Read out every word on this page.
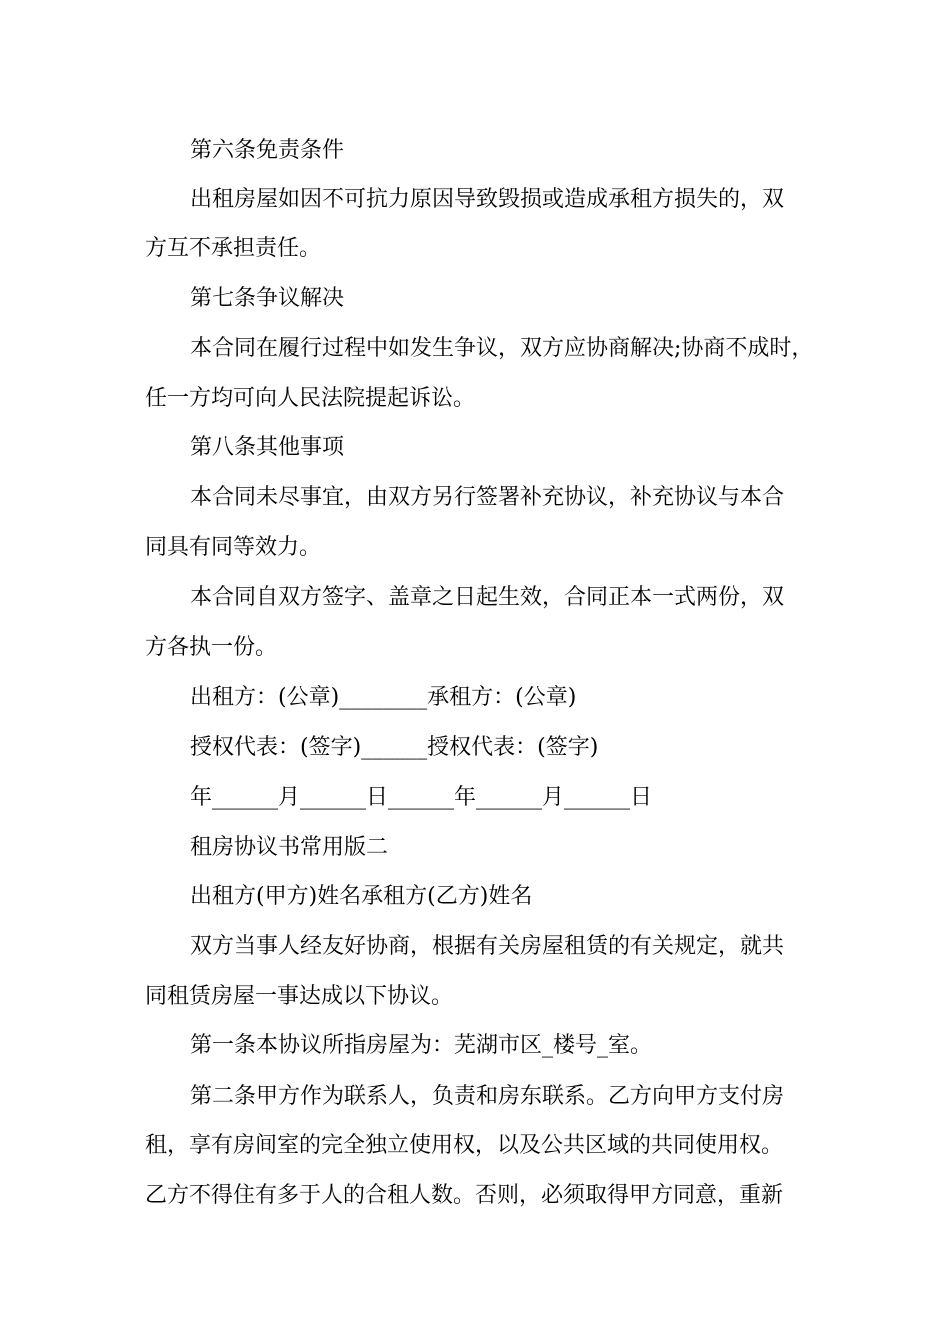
第六条免责条件

出租房屋如因不可抗力原因导致毁损或造成承租方损失的，双

方互不承担责任。

第七条争议解决

本合同在履行过程中如发生争议，双方应协商解决;协商不成时，

任一方均可向人民法院提起诉讼。

第八条其他事项

本合同未尽事宜，由双方另行签署补充协议，补充协议与本合

同具有同等效力。

本合同自双方签字、盖章之日起生效，合同正本一式两份，双

方各执一份。

出租方：(公章)________承租方：(公章)

授权代表：(签字)______授权代表：(签字)

年______月______日______年______月______日

租房协议书常用版二

出租方(甲方)姓名承租方(乙方)姓名

双方当事人经友好协商，根据有关房屋租赁的有关规定，就共

同租赁房屋一事达成以下协议。

第一条本协议所指房屋为：芜湖市区_楼号_室。

第二条甲方作为联系人，负责和房东联系。乙方向甲方支付房

租，享有房间室的完全独立使用权，以及公共区域的共同使用权。

乙方不得住有多于人的合租人数。否则，必须取得甲方同意，重新
